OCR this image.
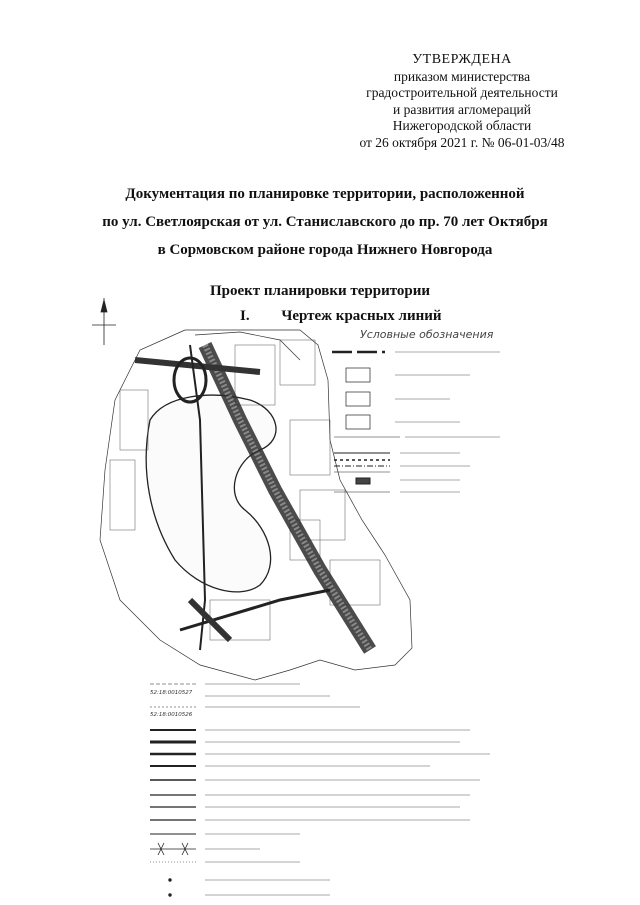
УТВЕРЖДЕНА
приказом министерства
градостроительной деятельности
и развития агломераций
Нижегородской области
от 26 октября 2021 г. № 06-01-03/48
Документация по планировке территории, расположенной
по ул. Светлоярская от ул. Станиславского до пр. 70 лет Октября
в Сормовском районе города Нижнего Новгорода
Проект планировки территории
I. Чертеж красных линий
Условные обозначения
52:18:0010527
52:18:0010526
